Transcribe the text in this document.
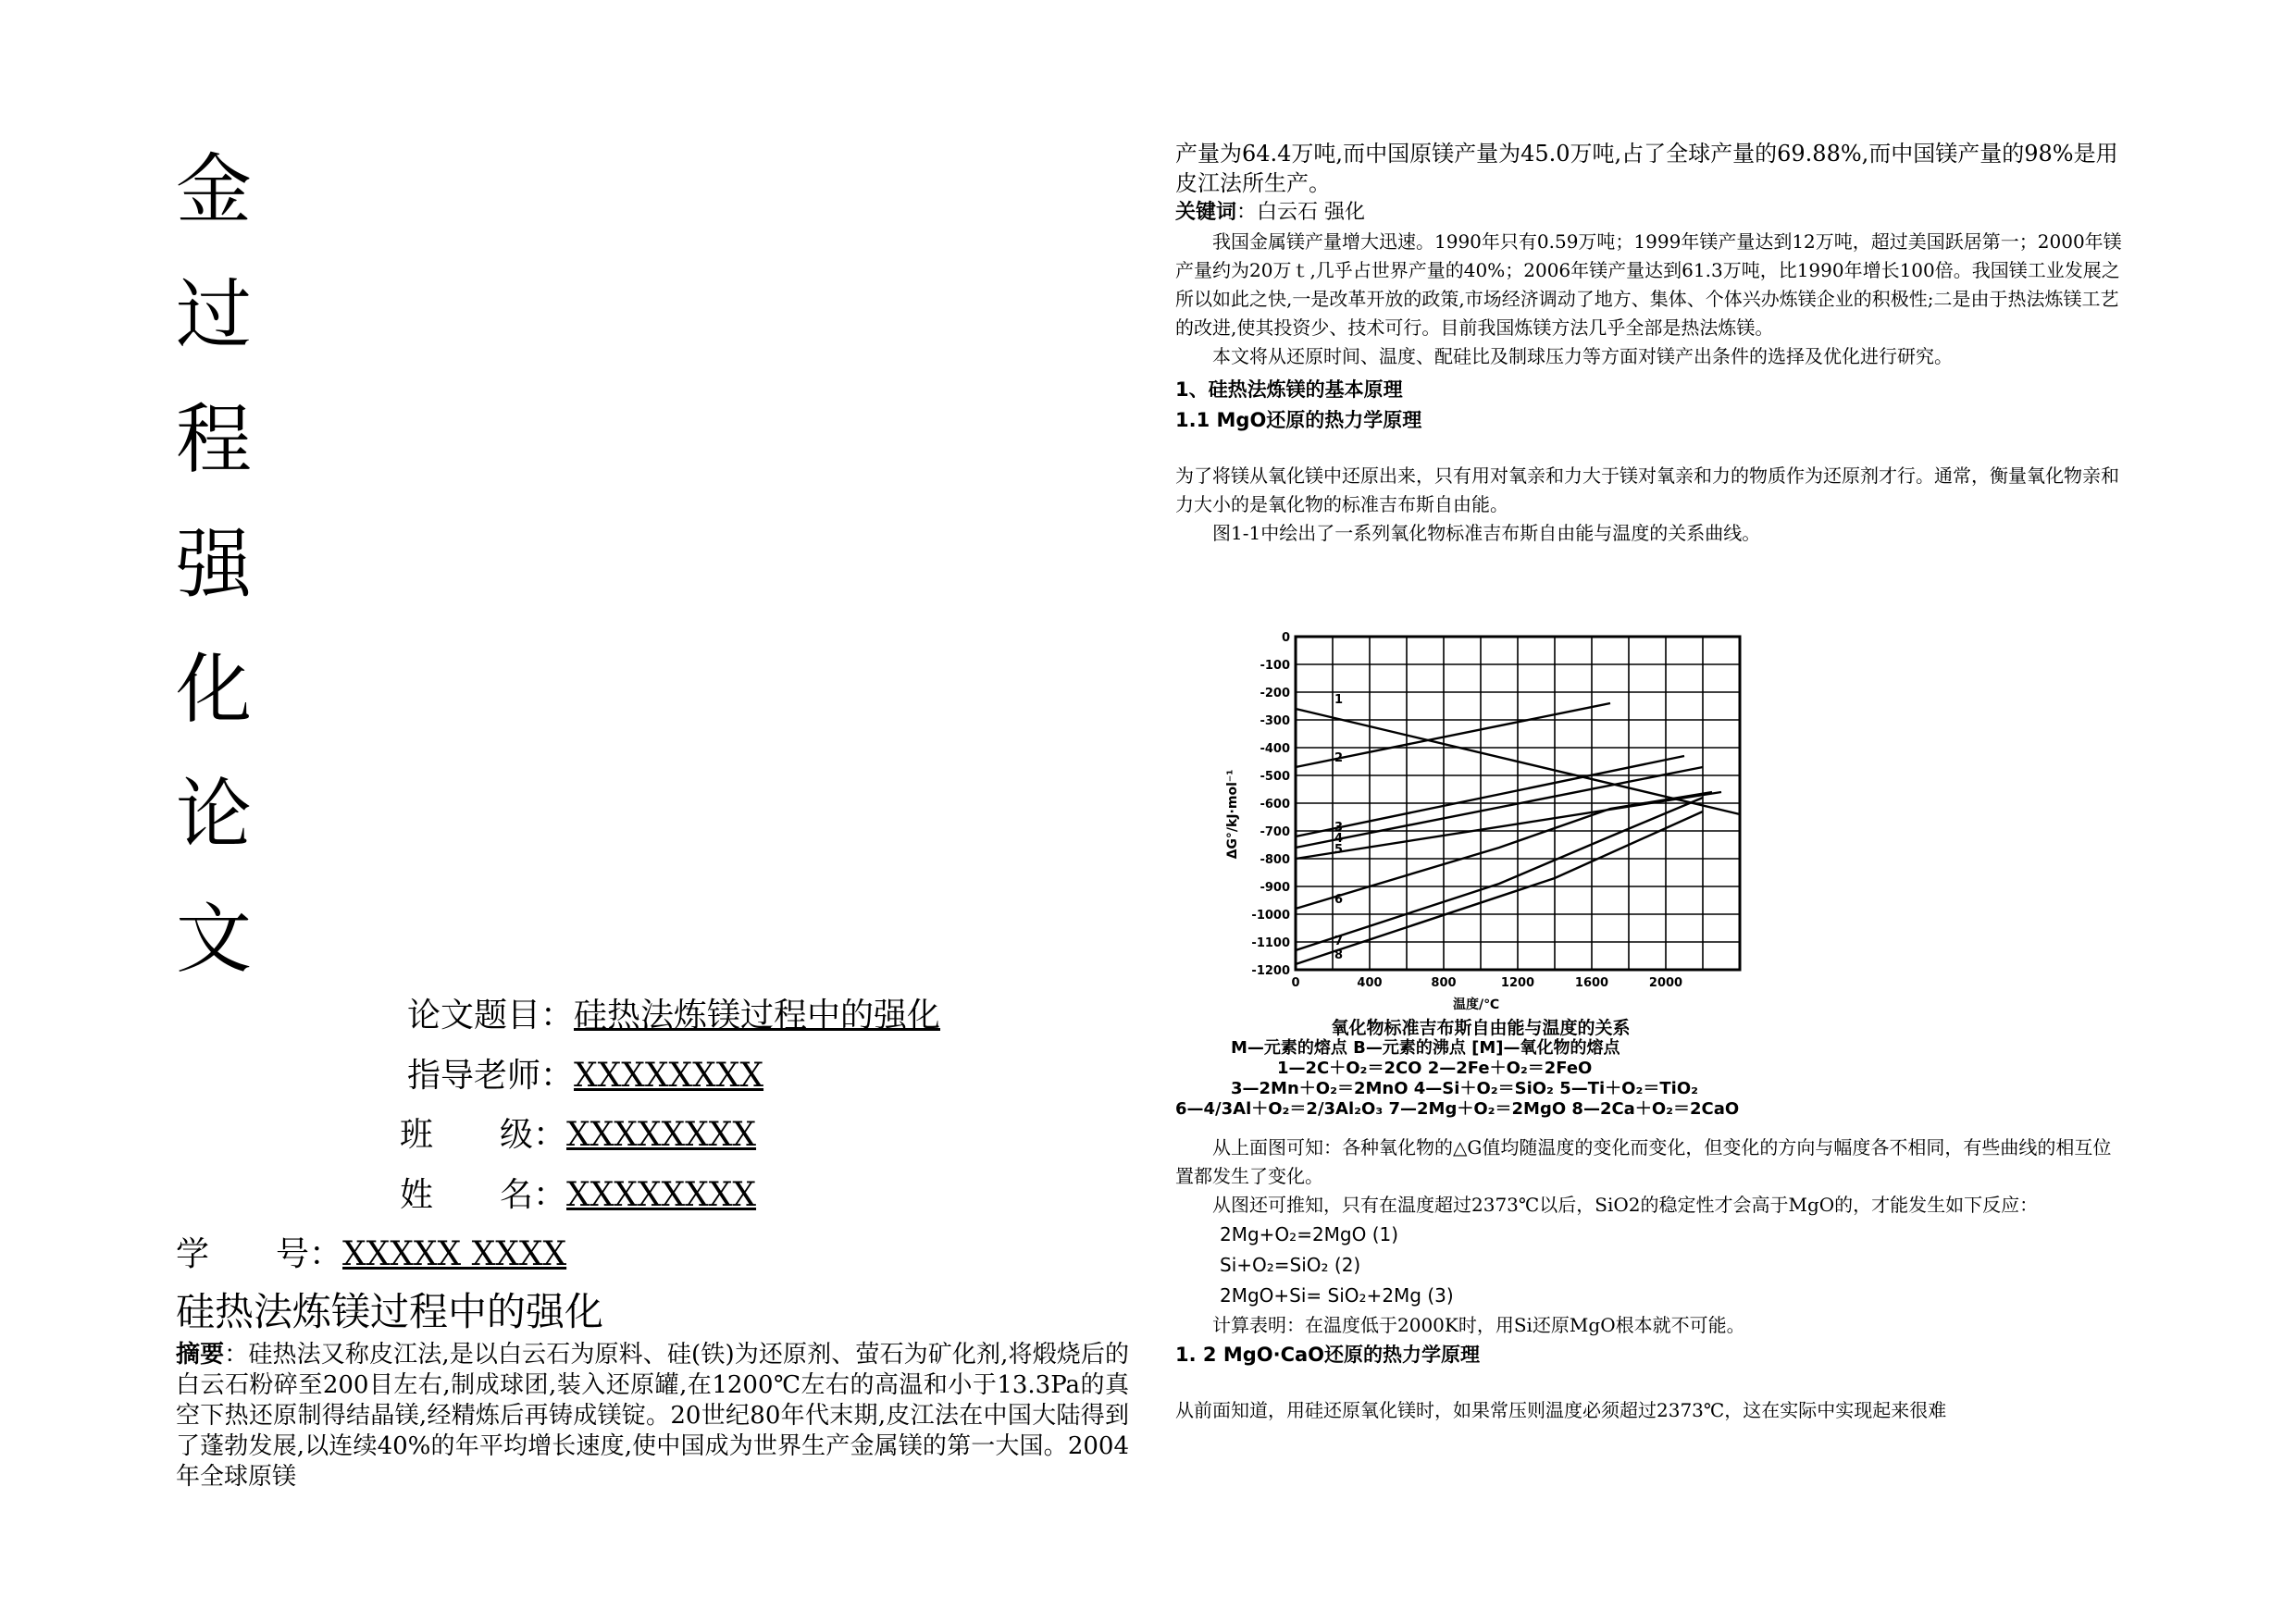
金
过
程
强
化
论
文
论文题目：硅热法炼镁过程中的强化
指导老师：XXXXXXXX
班　　级：XXXXXXXX
姓　　名：XXXXXXXX
学　　号：XXXXX XXXX
硅热法炼镁过程中的强化
摘要：硅热法又称皮江法,是以白云石为原料、硅(铁)为还原剂、萤石为矿化剂,将煅烧后的白云石粉碎至200目左右,制成球团,装入还原罐,在1200℃左右的高温和小于13.3Pa的真空下热还原制得结晶镁,经精炼后再铸成镁锭。20世纪80年代末期,皮江法在中国大陆得到了蓬勃发展,以连续40%的年平均增长速度,使中国成为世界生产金属镁的第一大国。2004年全球原镁

产量为64.4万吨,而中国原镁产量为45.0万吨,占了全球产量的69.88%,而中国镁产量的98%是用皮江法所生产。

关键词：白云石 强化

我国金属镁产量增大迅速。1990年只有0.59万吨；1999年镁产量达到12万吨，超过美国跃居第一；2000年镁产量约为20万ｔ,几乎占世界产量的40%；2006年镁产量达到61.3万吨，比1990年增长100倍。我国镁工业发展之所以如此之快,一是改革开放的政策,市场经济调动了地方、集体、个体兴办炼镁企业的积极性;二是由于热法炼镁工艺的改进,使其投资少、技术可行。目前我国炼镁方法几乎全部是热法炼镁。

本文将从还原时间、温度、配硅比及制球压力等方面对镁产出条件的选择及优化进行研究。

1、硅热法炼镁的基本原理

1.1 MgO还原的热力学原理

为了将镁从氧化镁中还原出来，只有用对氧亲和力大于镁对氧亲和力的物质作为还原剂才行。通常，衡量氧化物亲和力大小的是氧化物的标准吉布斯自由能。

图1-1中绘出了一系列氧化物标准吉布斯自由能与温度的关系曲线。

0
-100
-200
-300
-400
-500
-600
-700
-800
-900
-1000
-1100
-1200
0	400	800	1200	1600	2000
1
2
3
4
5
6
7
8
ΔG°/kJ·mol⁻¹
温度/℃
氧化物标准吉布斯自由能与温度的关系
M—元素的熔点 B—元素的沸点 [M]—氧化物的熔点
1—2C＋O₂＝2CO 2—2Fe＋O₂＝2FeO
3—2Mn＋O₂＝2MnO 4—Si＋O₂＝SiO₂ 5—Ti＋O₂＝TiO₂
6—4/3Al＋O₂＝2/3Al₂O₃ 7—2Mg＋O₂＝2MgO 8—2Ca＋O₂＝2CaO

从上面图可知：各种氧化物的△G值均随温度的变化而变化，但变化的方向与幅度各不相同，有些曲线的相互位置都发生了变化。

从图还可推知，只有在温度超过2373℃以后，SiO2的稳定性才会高于MgO的，才能发生如下反应：

2Mg+O₂=2MgO (1)

Si+O₂=SiO₂ (2)

2MgO+Si= SiO₂+2Mg (3)

计算表明：在温度低于2000K时，用Si还原MgO根本就不可能。

1. 2 MgO·CaO还原的热力学原理

从前面知道，用硅还原氧化镁时，如果常压则温度必须超过2373℃，这在实际中实现起来很难
